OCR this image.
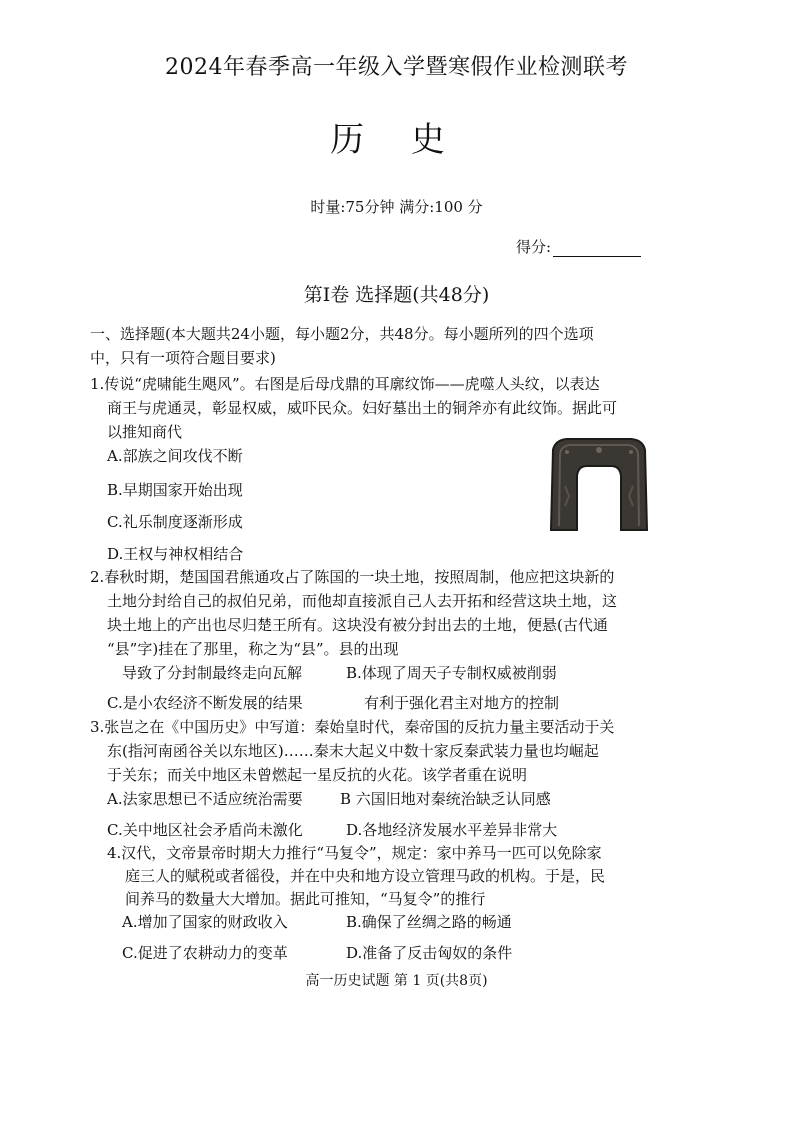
2024年春季高一年级入学暨寒假作业检测联考
历 史
时量:75分钟 满分:100 分
得分:
第Ⅰ卷 选择题(共48分)
一、选择题(本大题共24小题，每小题2分，共48分。每小题所列的四个选项
中，只有一项符合题目要求)
1.传说“虎啸能生飓风”。右图是后母戊鼎的耳廓纹饰——虎噬人头纹，以表达
商王与虎通灵，彰显权威，威吓民众。妇好墓出土的铜斧亦有此纹饰。据此可
以推知商代
A.部族之间攻伐不断
B.早期国家开始出现
C.礼乐制度逐渐形成
D.王权与神权相结合
2.春秋时期，楚国国君熊通攻占了陈国的一块土地，按照周制，他应把这块新的
土地分封给自己的叔伯兄弟，而他却直接派自己人去开拓和经营这块土地，这
块土地上的产出也尽归楚王所有。这块没有被分封出去的土地，便悬(古代通
“县”字)挂在了那里，称之为“县”。县的出现
导致了分封制最终走向瓦解	B.体现了周天子专制权威被削弱
C.是小农经济不断发展的结果	有利于强化君主对地方的控制
3.张岂之在《中国历史》中写道：秦始皇时代，秦帝国的反抗力量主要活动于关
东(指河南函谷关以东地区)……秦末大起义中数十家反秦武装力量也均崛起
于关东；而关中地区未曾燃起一星反抗的火花。该学者重在说明
A.法家思想已不适应统治需要 B 六国旧地对秦统治缺乏认同感
C.关中地区社会矛盾尚未激化	D.各地经济发展水平差异非常大
4.汉代，文帝景帝时期大力推行“马复令”，规定：家中养马一匹可以免除家
庭三人的赋税或者徭役，并在中央和地方设立管理马政的机构。于是，民
间养马的数量大大增加。据此可推知，“马复令”的推行
A.增加了国家的财政收入	B.确保了丝绸之路的畅通
C.促进了农耕动力的变革	D.准备了反击匈奴的条件
高一历史试题 第 1 页(共8页)
